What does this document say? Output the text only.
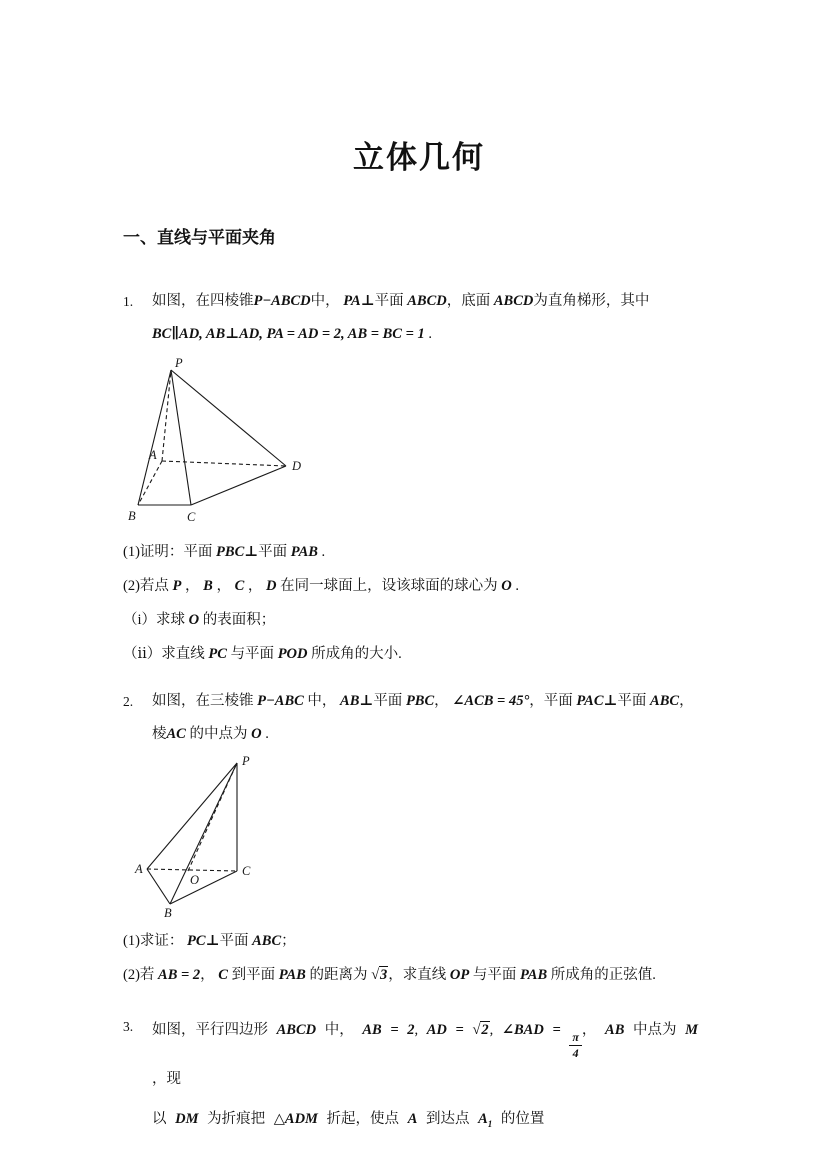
立体几何
一、直线与平面夹角
1.	如图，在四棱锥P−ABCD中， PA⊥平面 ABCD，底面 ABCD为直角梯形，其中

BC∥AD, AB⊥AD, PA = AD = 2, AB = BC = 1 .

P
A
B	C
D

(1)证明：平面 PBC⊥平面 PAB .

(2)若点 P ， B ， C ， D 在同一球面上，设该球面的球心为 O .

（i）求球 O 的表面积；

（ⅱ）求直线 PC 与平面 POD 所成角的大小.

2.	如图，在三棱锥 P−ABC 中， AB⊥平面 PBC， ∠ACB = 45°，平面 PAC⊥平面 ABC，

棱AC 的中点为 O .

P
A
O
C
B

(1)求证： PC⊥平面 ABC；

(2)若 AB = 2， C 到平面 PAB 的距离为 √3，求直线 OP 与平面 PAB 所成角的正弦值.

3.	如图，平行四边形 ABCD 中， AB = 2, AD = √2, ∠BAD =
$\frac{\pi}{4}$
， AB 中点为 M ，现

以 DM 为折痕把 △ADM 折起，使点 A 到达点 $A_1$ 的位置
